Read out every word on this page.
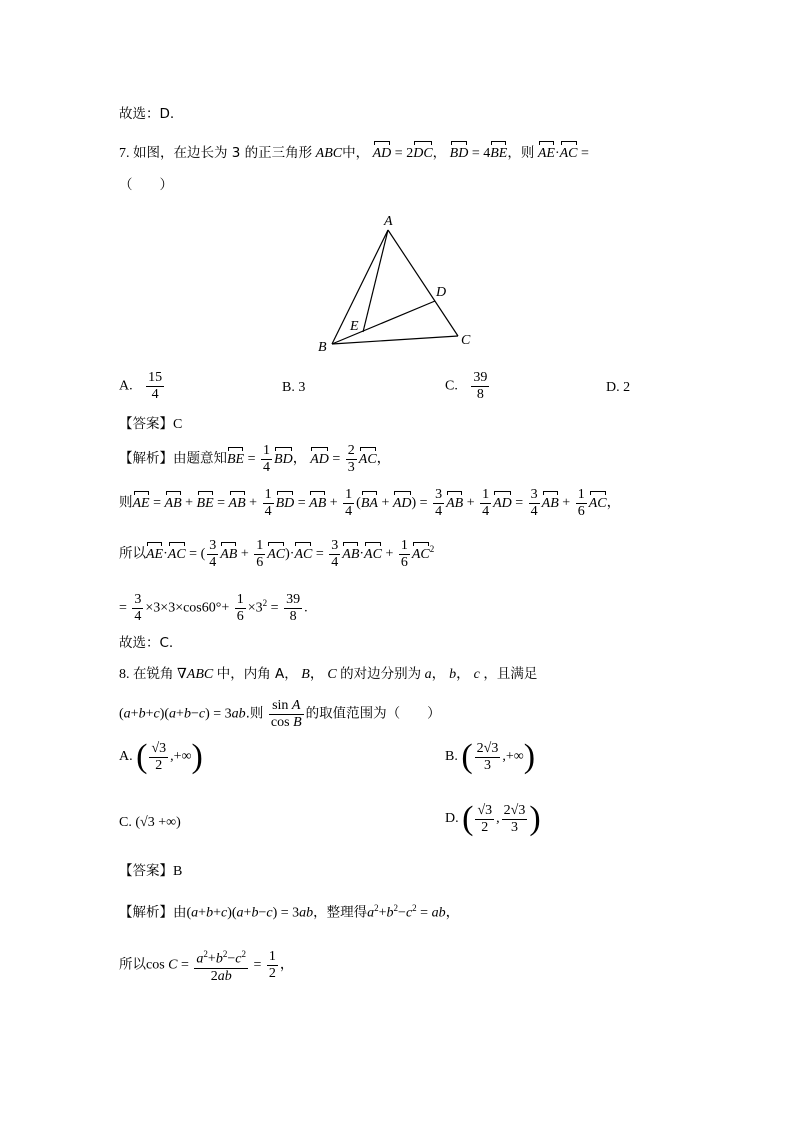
故选：D.
7. 如图，在边长为 3 的正三角形 ABC中， AD = 2DC， BD = 4BE，则 AE·AC =
（　　）
A
B	C
D
E
A. $\frac{15}{4}$	B. 3	C. $\frac{39}{8}$	D. 2
【答案】C
【解析】由题意知BE = $\frac{1}{4}$ BD， AD = $\frac{2}{3}$ AC，
则AE = AB + BE = AB + $\frac{1}{4}$ BD = AB + $\frac{1}{4} (BA + AD) = \frac{3}{4}$ AB + $\frac{1}{4}$ AD = $\frac{3}{4}$ AB + $\frac{1}{6}$ AC，
所以AE·AC = ( $\frac{3}{4}$ AB + $\frac{1}{6} AC)\cdot AC = \frac{3}{4} AB\cdot AC + \frac{1}{6} AC^2$
= $\frac{3}{4} \times 3\times 3\times\cos 60^\circ+ \frac{1}{6} \times 3^2 = \frac{39}{8}$ .
故选：C.
8. 在锐角 ∇ABC 中，内角 A， B， C 的对边分别为 a， b， c ，且满足
(a+b+c)(a+b−c) = 3ab.则 $\frac{\text{sin A}}{\text{cos B}}$ 的取值范围为（　　）
A. ( $\frac{√3}{2}$ ,+∞)	B. ( $\frac{2√3}{3}$ ,+∞)
C. (√3 +∞)	D. ( $\frac{√3}{2}$ , $\frac{2√3}{3}$ )
【答案】B
【解析】由(a+b+c)(a+b−c) = 3ab，整理得$a^2+b^2-c^2$ = ab，
所以$\cos C = \frac{a^2+b^2-c^2}{2ab} = \frac{1}{2}$ ，
